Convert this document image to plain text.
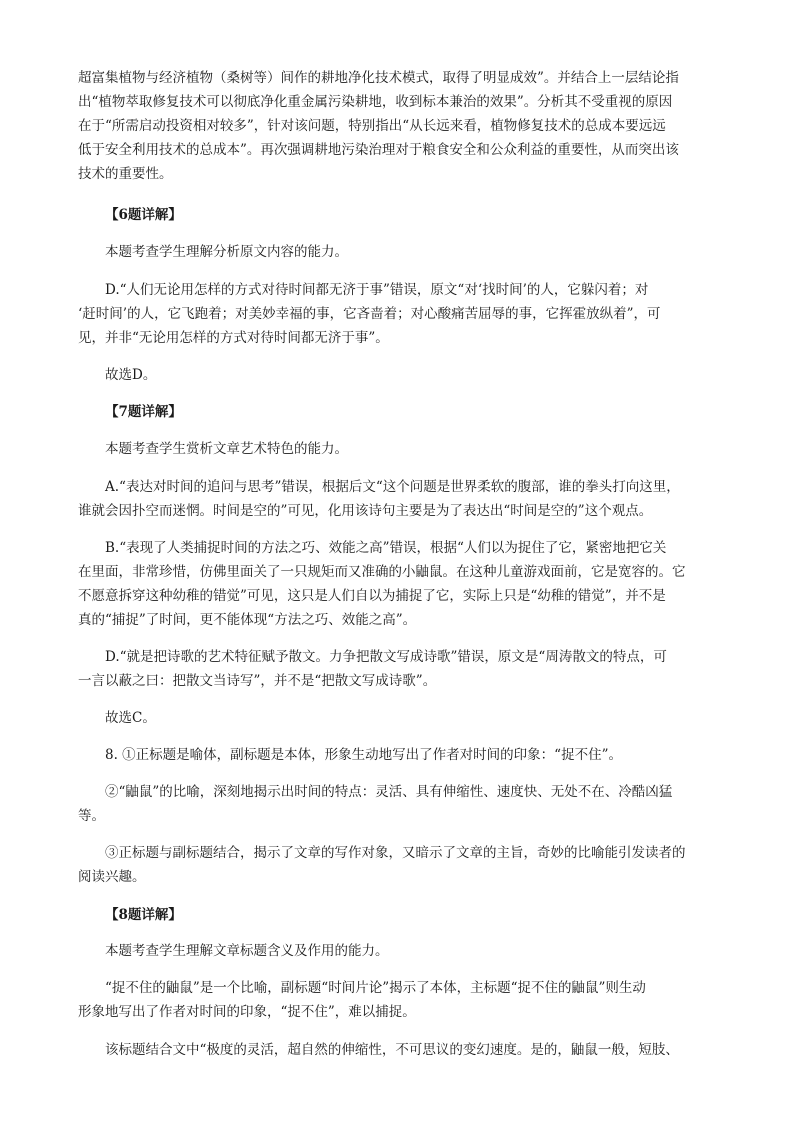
超富集植物与经济植物（桑树等）间作的耕地净化技术模式，取得了明显成效”。并结合上一层结论指
出“植物萃取修复技术可以彻底净化重金属污染耕地，收到标本兼治的效果”。分析其不受重视的原因
在于“所需启动投资相对较多”，针对该问题，特别指出“从长远来看，植物修复技术的总成本要远远
低于安全利用技术的总成本”。再次强调耕地污染治理对于粮食安全和公众利益的重要性，从而突出该
技术的重要性。
【6题详解】
本题考查学生理解分析原文内容的能力。
D.“人们无论用怎样的方式对待时间都无济于事”错误，原文“对‘找时间’的人，它躲闪着；对
‘赶时间’的人，它飞跑着；对美妙幸福的事，它吝啬着；对心酸痛苦屈辱的事，它挥霍放纵着”，可
见，并非“无论用怎样的方式对待时间都无济于事”。
故选D。
【7题详解】
本题考查学生赏析文章艺术特色的能力。
A.“表达对时间的追问与思考”错误，根据后文“这个问题是世界柔软的腹部，谁的拳头打向这里，
谁就会因扑空而迷惘。时间是空的”可见，化用该诗句主要是为了表达出“时间是空的”这个观点。
B.“表现了人类捕捉时间的方法之巧、效能之高”错误，根据“人们以为捉住了它，紧密地把它关
在里面，非常珍惜，仿佛里面关了一只规矩而又准确的小鼬鼠。在这种儿童游戏面前，它是宽容的。它
不愿意拆穿这种幼稚的错觉”可见，这只是人们自以为捕捉了它，实际上只是“幼稚的错觉”，并不是
真的“捕捉”了时间，更不能体现“方法之巧、效能之高”。
D.“就是把诗歌的艺术特征赋予散文。力争把散文写成诗歌”错误，原文是“周涛散文的特点，可
一言以蔽之曰：把散文当诗写”，并不是“把散文写成诗歌”。
故选C。
8. ①正标题是喻体，副标题是本体，形象生动地写出了作者对时间的印象：“捉不住”。
②“鼬鼠”的比喻，深刻地揭示出时间的特点：灵活、具有伸缩性、速度快、无处不在、冷酷凶猛
等。
③正标题与副标题结合，揭示了文章的写作对象，又暗示了文章的主旨，奇妙的比喻能引发读者的
阅读兴趣。
【8题详解】
本题考查学生理解文章标题含义及作用的能力。
“捉不住的鼬鼠”是一个比喻，副标题“时间片论”揭示了本体，主标题“捉不住的鼬鼠”则生动
形象地写出了作者对时间的印象，“捉不住”，难以捕捉。
该标题结合文中“极度的灵活，超自然的伸缩性，不可思议的变幻速度。是的，鼬鼠一般，短肢、
